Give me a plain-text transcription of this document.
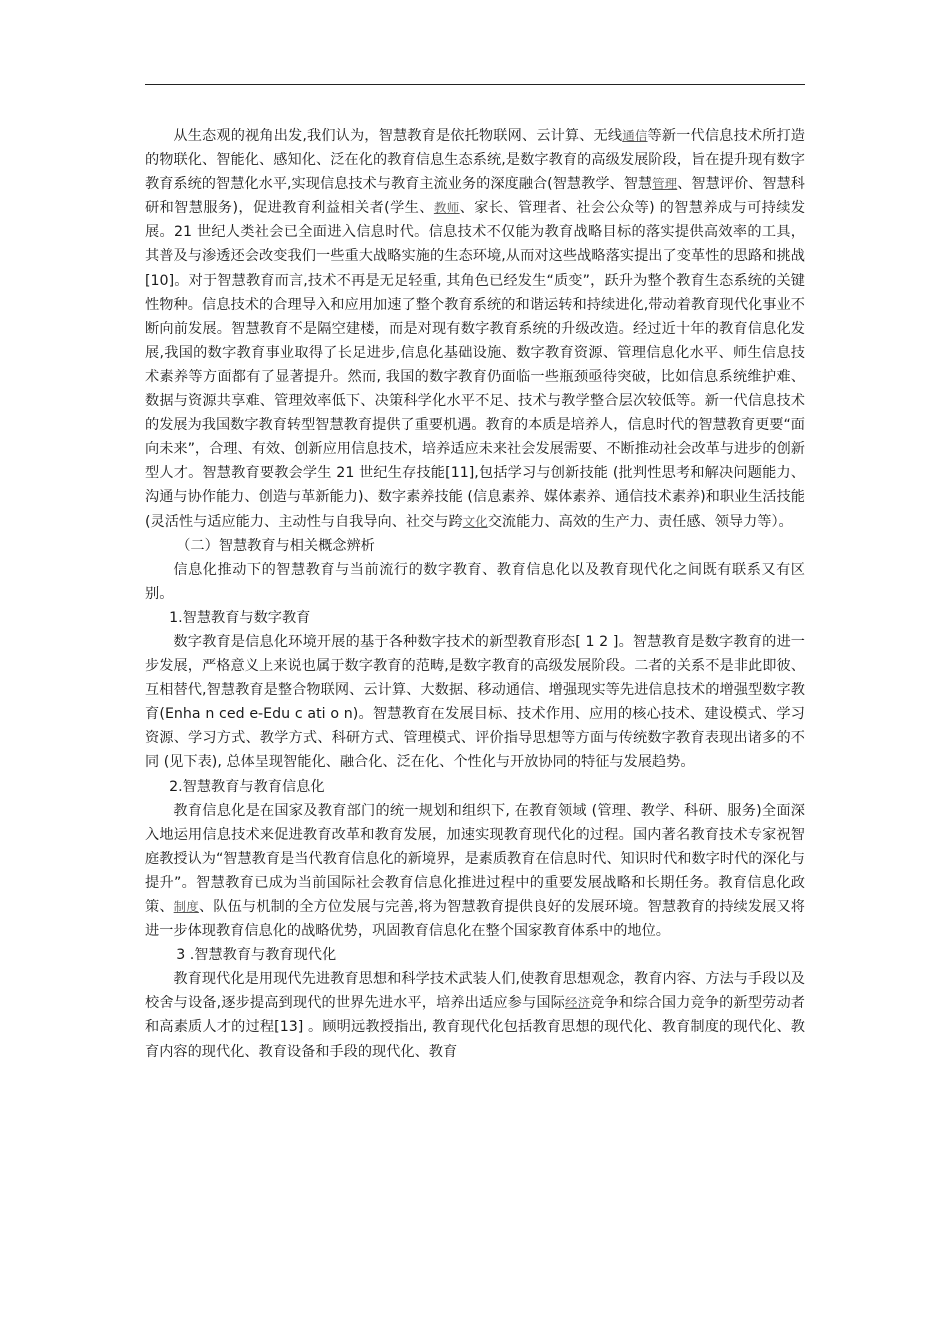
从生态观的视角出发,我们认为，智慧教育是依托物联网、云计算、无线通信等新一代信息技术所打造的物联化、智能化、感知化、泛在化的教育信息生态系统,是数字教育的高级发展阶段，旨在提升现有数字教育系统的智慧化水平,实现信息技术与教育主流业务的深度融合(智慧教学、智慧管理、智慧评价、智慧科研和智慧服务)，促进教育利益相关者(学生、教师、家长、管理者、社会公众等) 的智慧养成与可持续发展。21 世纪人类社会已全面进入信息时代。信息技术不仅能为教育战略目标的落实提供高效率的工具，其普及与渗透还会改变我们一些重大战略实施的生态环境,从而对这些战略落实提出了变革性的思路和挑战[10]。对于智慧教育而言,技术不再是无足轻重, 其角色已经发生“质变”，跃升为整个教育生态系统的关键性物种。信息技术的合理导入和应用加速了整个教育系统的和谐运转和持续进化,带动着教育现代化事业不断向前发展。智慧教育不是隔空建楼，而是对现有数字教育系统的升级改造。经过近十年的教育信息化发展,我国的数字教育事业取得了长足进步,信息化基础设施、数字教育资源、管理信息化水平、师生信息技术素养等方面都有了显著提升。然而, 我国的数字教育仍面临一些瓶颈亟待突破，比如信息系统维护难、数据与资源共享难、管理效率低下、决策科学化水平不足、技术与教学整合层次较低等。新一代信息技术的发展为我国数字教育转型智慧教育提供了重要机遇。教育的本质是培养人，信息时代的智慧教育更要“面向未来”，合理、有效、创新应用信息技术，培养适应未来社会发展需要、不断推动社会改革与进步的创新型人才。智慧教育要教会学生 21 世纪生存技能[11],包括学习与创新技能 (批判性思考和解决问题能力、沟通与协作能力、创造与革新能力)、数字素养技能 (信息素养、媒体素养、通信技术素养)和职业生活技能 (灵活性与适应能力、主动性与自我导向、社交与跨文化交流能力、高效的生产力、责任感、领导力等）。

（二）智慧教育与相关概念辨析

信息化推动下的智慧教育与当前流行的数字教育、教育信息化以及教育现代化之间既有联系又有区别。

1.智慧教育与数字教育

数字教育是信息化环境开展的基于各种数字技术的新型教育形态[ 1 2 ]。智慧教育是数字教育的进一步发展，严格意义上来说也属于数字教育的范畴,是数字教育的高级发展阶段。二者的关系不是非此即彼、互相替代,智慧教育是整合物联网、云计算、大数据、移动通信、增强现实等先进信息技术的增强型数字教育(Enha n ced e-Edu c ati o n)。智慧教育在发展目标、技术作用、应用的核心技术、建设模式、学习资源、学习方式、教学方式、科研方式、管理模式、评价指导思想等方面与传统数字教育表现出诸多的不同 (见下表), 总体呈现智能化、融合化、泛在化、个性化与开放协同的特征与发展趋势。

2.智慧教育与教育信息化

教育信息化是在国家及教育部门的统一规划和组织下, 在教育领域 (管理、教学、科研、服务)全面深入地运用信息技术来促进教育改革和教育发展，加速实现教育现代化的过程。国内著名教育技术专家祝智庭教授认为“智慧教育是当代教育信息化的新境界，是素质教育在信息时代、知识时代和数字时代的深化与提升”。智慧教育已成为当前国际社会教育信息化推进过程中的重要发展战略和长期任务。教育信息化政策、制度、队伍与机制的全方位发展与完善,将为智慧教育提供良好的发展环境。智慧教育的持续发展又将进一步体现教育信息化的战略优势，巩固教育信息化在整个国家教育体系中的地位。

3 .智慧教育与教育现代化

教育现代化是用现代先进教育思想和科学技术武装人们,使教育思想观念，教育内容、方法与手段以及校舍与设备,逐步提高到现代的世界先进水平，培养出适应参与国际经济竞争和综合国力竞争的新型劳动者和高素质人才的过程[13] 。顾明远教授指出, 教育现代化包括教育思想的现代化、教育制度的现代化、教育内容的现代化、教育设备和手段的现代化、教育
